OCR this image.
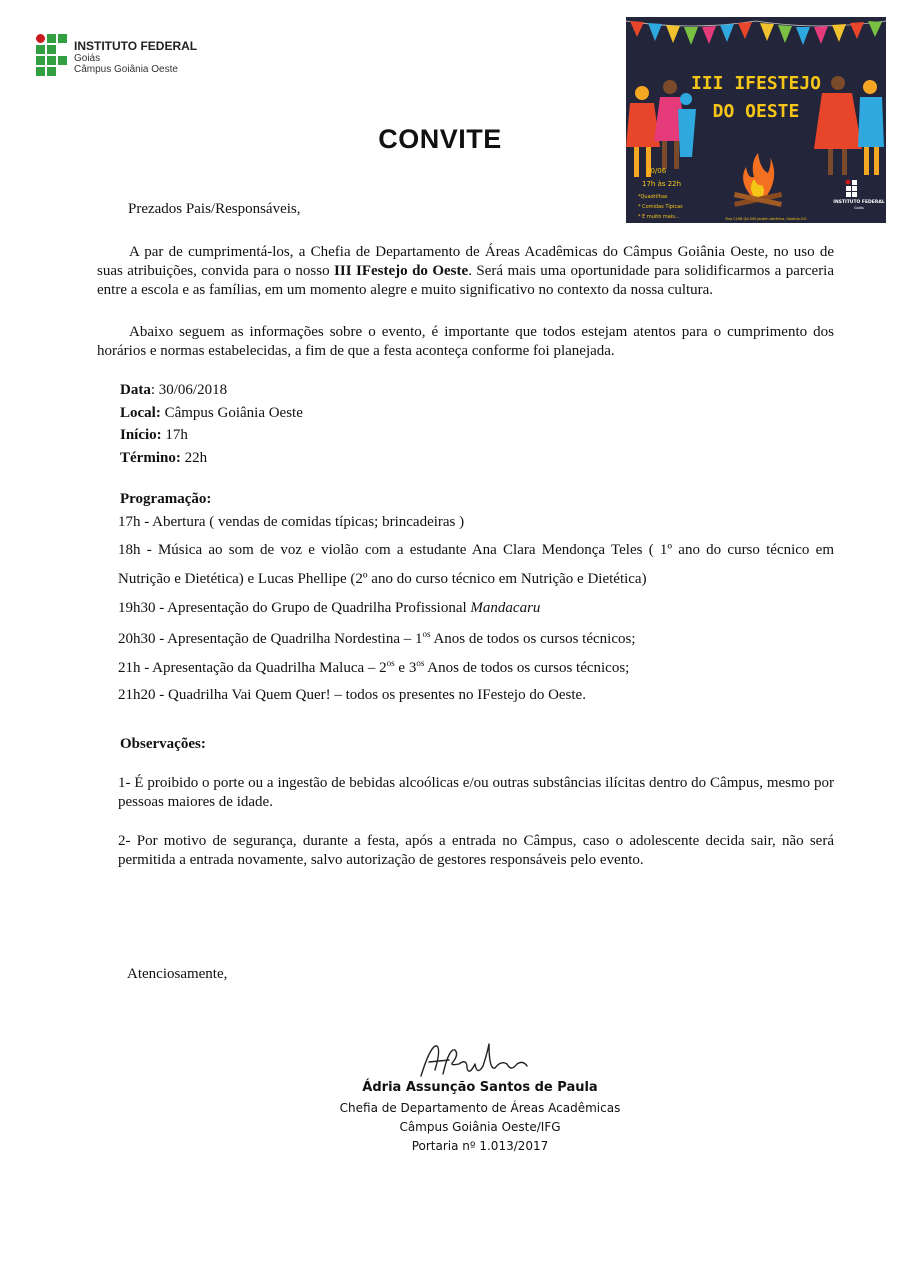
INSTITUTO FEDERAL
Goiás
Câmpus Goiânia Oeste
III IFESTEJO
DO OESTE
30/06
17h às 22h
*Quadrilhas
* Comidas Típicas
* E muito mais...	Rua C198 Qd.500 Jardim América, Goiânia-GO
INSTITUTO FEDERAL
Goiás
CONVITE
Prezados Pais/Responsáveis,
A par de cumprimentá-los, a Chefia de Departamento de Áreas Acadêmicas do Câmpus Goiânia Oeste, no uso de suas atribuições, convida para o nosso III IFestejo do Oeste. Será mais uma oportunidade para solidificarmos a parceria entre a escola e as famílias, em um momento alegre e muito significativo no contexto da nossa cultura.
Abaixo seguem as informações sobre o evento, é importante que todos estejam atentos para o cumprimento dos horários e normas estabelecidas, a fim de que a festa aconteça conforme foi planejada.
Data: 30/06/2018
Local: Câmpus Goiânia Oeste
Início: 17h
Término: 22h
Programação:
17h - Abertura ( vendas de comidas típicas; brincadeiras )
18h - Música ao som de voz e violão com a estudante Ana Clara Mendonça Teles ( 1º ano do curso técnico em Nutrição e Dietética) e Lucas Phellipe (2º ano do curso técnico em Nutrição e Dietética)
19h30 - Apresentação do Grupo de Quadrilha Profissional Mandacaru
20h30 - Apresentação de Quadrilha Nordestina – $1^{os}$ Anos de todos os cursos técnicos;
21h - Apresentação da Quadrilha Maluca – $2^{os}$ e $3^{os}$ Anos de todos os cursos técnicos;
21h20 - Quadrilha Vai Quem Quer! – todos os presentes no IFestejo do Oeste.
Observações:
1- É proibido o porte ou a ingestão de bebidas alcoólicas e/ou outras substâncias ilícitas dentro do Câmpus, mesmo por pessoas maiores de idade.
2- Por motivo de segurança, durante a festa, após a entrada no Câmpus, caso o adolescente decida sair, não será permitida a entrada novamente, salvo autorização de gestores responsáveis pelo evento.
Atenciosamente,
Ádria Assunção Santos de Paula
Chefia de Departamento de Áreas Acadêmicas
Câmpus Goiânia Oeste/IFG
Portaria nº 1.013/2017
